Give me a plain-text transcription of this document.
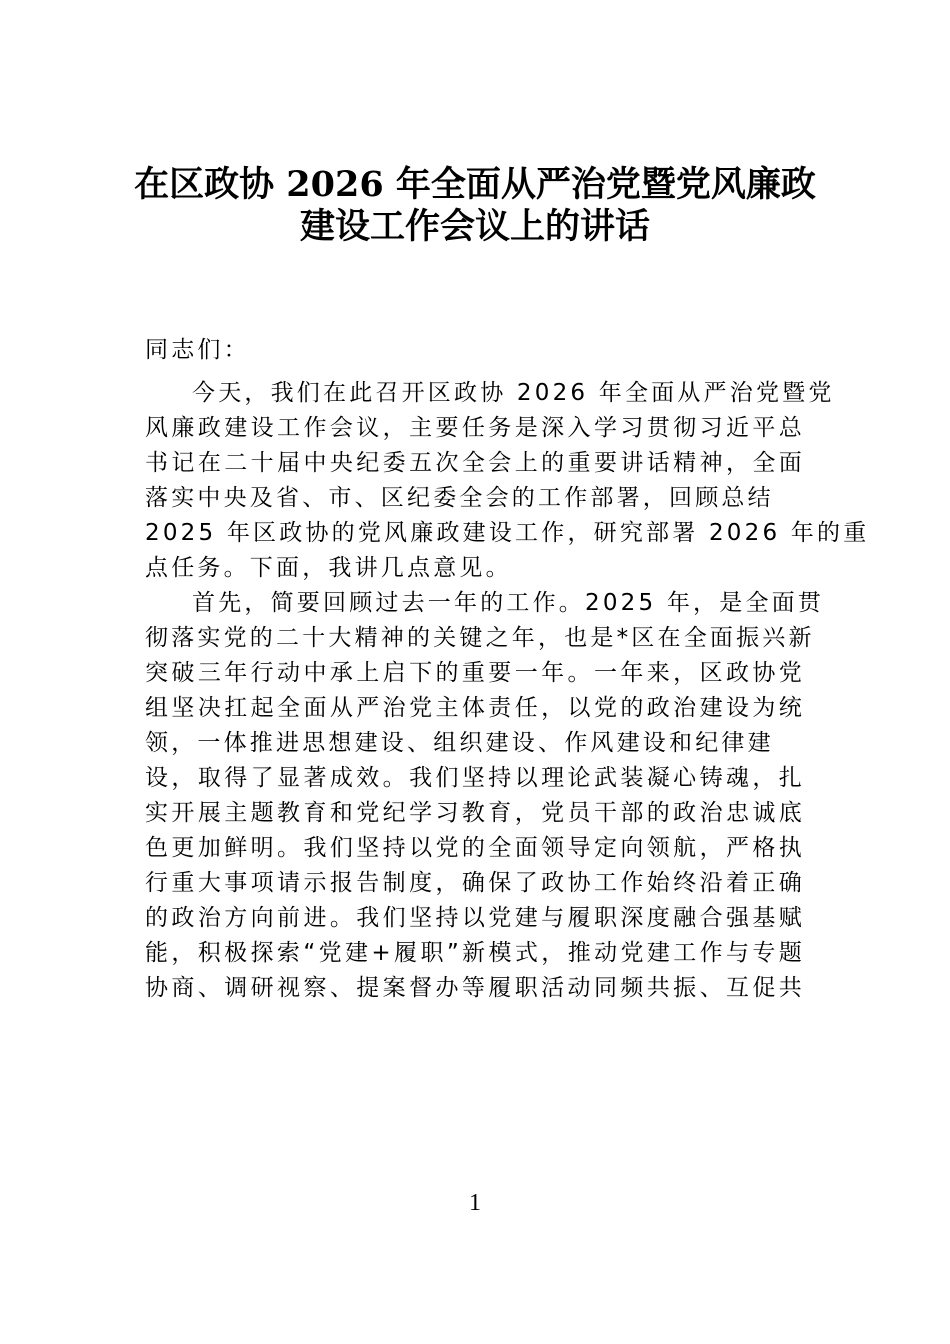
在区政协 2026 年全面从严治党暨党风廉政
建设工作会议上的讲话
同志们：
今天，我们在此召开区政协 2026 年全面从严治党暨党
风廉政建设工作会议，主要任务是深入学习贯彻习近平总
书记在二十届中央纪委五次全会上的重要讲话精神，全面
落实中央及省、市、区纪委全会的工作部署，回顾总结
2025 年区政协的党风廉政建设工作，研究部署 2026 年的重
点任务。下面，我讲几点意见。
首先，简要回顾过去一年的工作。2025 年，是全面贯
彻落实党的二十大精神的关键之年，也是*区在全面振兴新
突破三年行动中承上启下的重要一年。一年来，区政协党
组坚决扛起全面从严治党主体责任，以党的政治建设为统
领，一体推进思想建设、组织建设、作风建设和纪律建
设，取得了显著成效。我们坚持以理论武装凝心铸魂，扎
实开展主题教育和党纪学习教育，党员干部的政治忠诚底
色更加鲜明。我们坚持以党的全面领导定向领航，严格执
行重大事项请示报告制度，确保了政协工作始终沿着正确
的政治方向前进。我们坚持以党建与履职深度融合强基赋
能，积极探索“党建+履职”新模式，推动党建工作与专题
协商、调研视察、提案督办等履职活动同频共振、互促共
1
